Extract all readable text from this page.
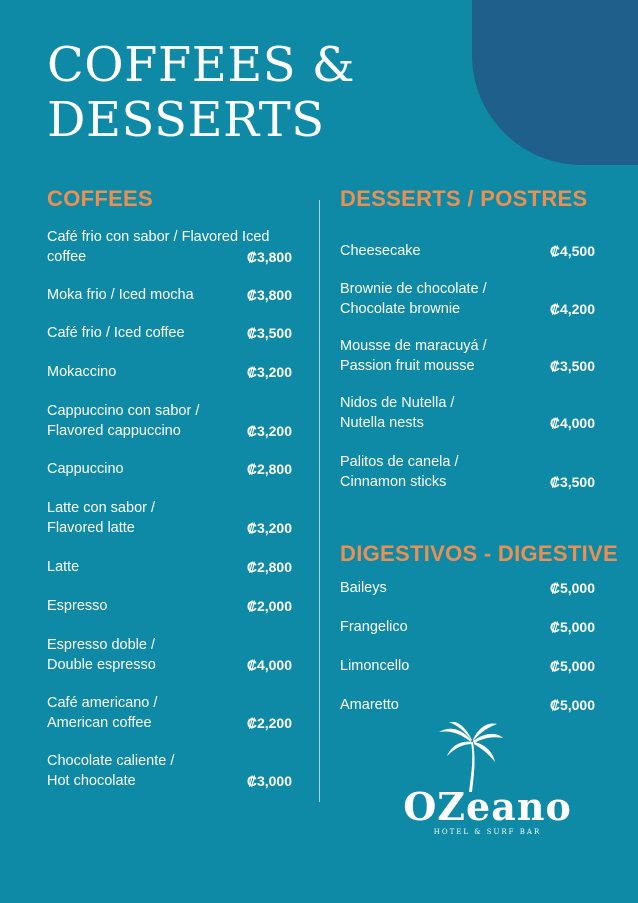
COFFEES &
DESSERTS
COFFEES	DESSERTS / POSTRES
DIGESTIVOS - DIGESTIVE
Café frio con sabor / Flavored Iced
coffee	₡3,800
Moka frio / Iced mocha	₡3,800
Café frio / Iced coffee	₡3,500
Mokaccino	₡3,200
Cappuccino con sabor /
Flavored cappuccino	₡3,200
Cappuccino	₡2,800
Latte con sabor /
Flavored latte	₡3,200
Latte	₡2,800
Espresso	₡2,000
Espresso doble /
Double espresso	₡4,000
Café americano /
American coffee	₡2,200
Chocolate caliente /
Hot chocolate	₡3,000
Cheesecake	₡4,500
Brownie de chocolate /
Chocolate brownie	₡4,200
Mousse de maracuyá /
Passion fruit mousse	₡3,500
Nidos de Nutella /
Nutella nests	₡4,000
Palitos de canela /
Cinnamon sticks	₡3,500
Baileys	₡5,000
Frangelico	₡5,000
Limoncello	₡5,000
Amaretto	₡5,000
OZeano
HOTEL & SURF BAR
